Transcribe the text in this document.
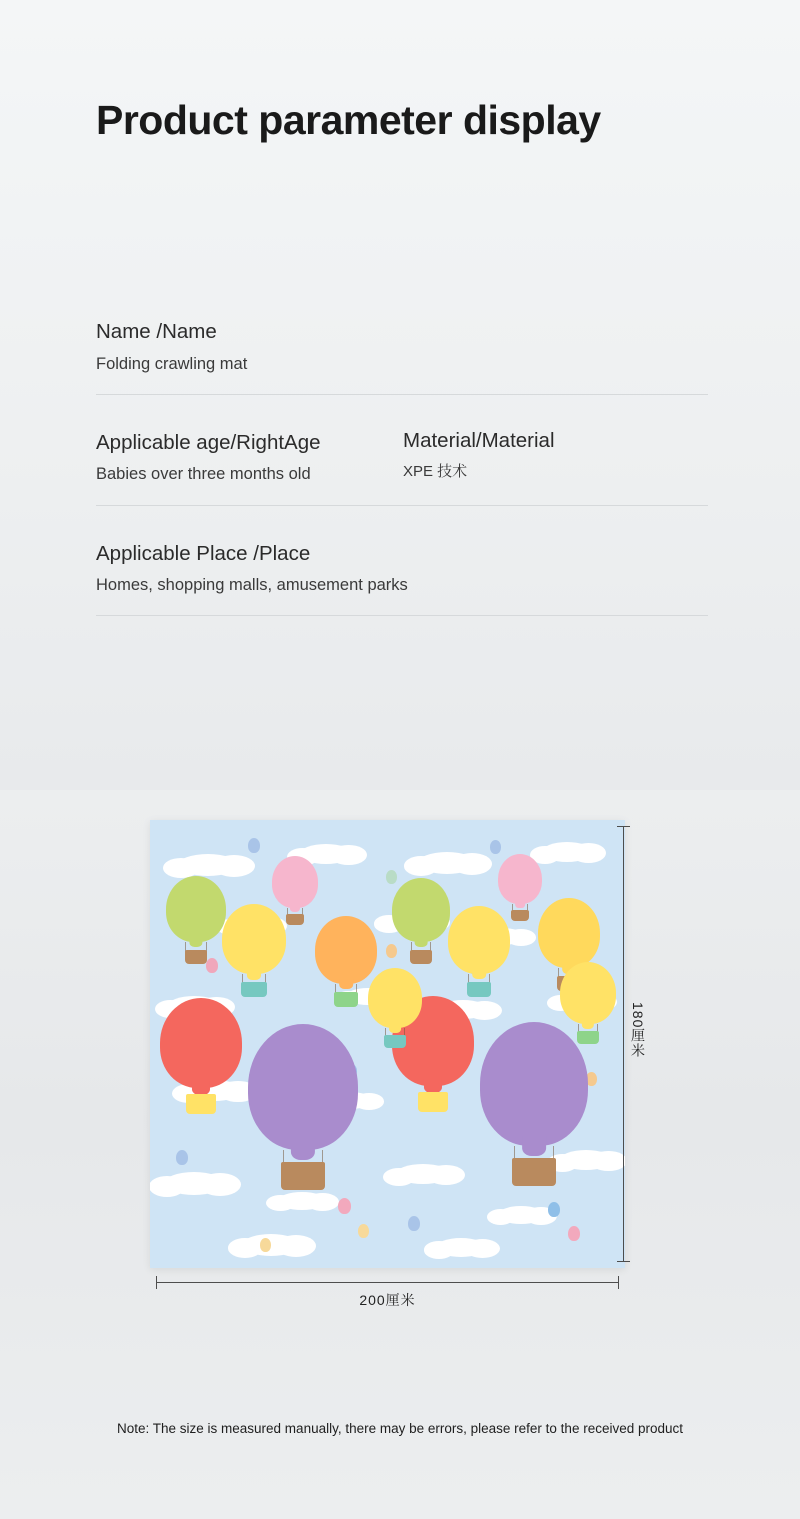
Product parameter display
Name /Name
Folding crawling mat
Applicable age/RightAge
Babies over three months old
Material/Material
XPE 技术
Applicable Place /Place
Homes, shopping malls, amusement parks
180厘米
200厘米
Note: The size is measured manually, there may be errors, please refer to the received product
